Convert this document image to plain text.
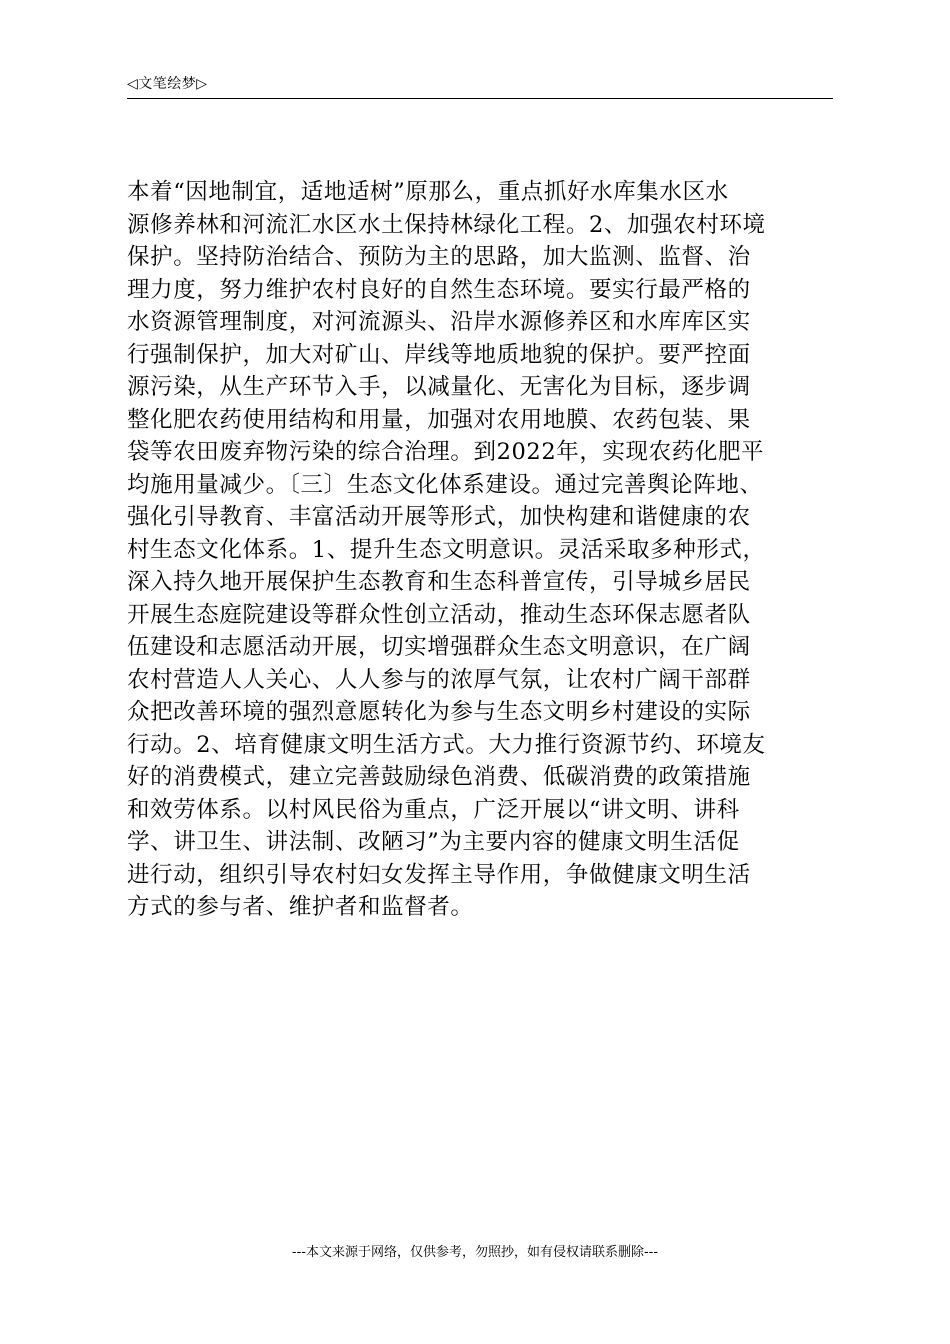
◁文笔绘梦▷
本着“因地制宜，适地适树”原那么，重点抓好水库集水区水
源修养林和河流汇水区水土保持林绿化工程。2、加强农村环境
保护。坚持防治结合、预防为主的思路，加大监测、监督、治
理力度，努力维护农村良好的自然生态环境。要实行最严格的
水资源管理制度，对河流源头、沿岸水源修养区和水库库区实
行强制保护，加大对矿山、岸线等地质地貌的保护。要严控面
源污染，从生产环节入手，以减量化、无害化为目标，逐步调
整化肥农药使用结构和用量，加强对农用地膜、农药包装、果
袋等农田废弃物污染的综合治理。到2022年，实现农药化肥平
均施用量减少。〔三〕生态文化体系建设。通过完善舆论阵地、
强化引导教育、丰富活动开展等形式，加快构建和谐健康的农
村生态文化体系。1、提升生态文明意识。灵活采取多种形式，
深入持久地开展保护生态教育和生态科普宣传，引导城乡居民
开展生态庭院建设等群众性创立活动，推动生态环保志愿者队
伍建设和志愿活动开展，切实增强群众生态文明意识，在广阔
农村营造人人关心、人人参与的浓厚气氛，让农村广阔干部群
众把改善环境的强烈意愿转化为参与生态文明乡村建设的实际
行动。2、培育健康文明生活方式。大力推行资源节约、环境友
好的消费模式，建立完善鼓励绿色消费、低碳消费的政策措施
和效劳体系。以村风民俗为重点，广泛开展以“讲文明、讲科
学、讲卫生、讲法制、改陋习”为主要内容的健康文明生活促
进行动，组织引导农村妇女发挥主导作用，争做健康文明生活
方式的参与者、维护者和监督者。
---本文来源于网络，仅供参考，勿照抄，如有侵权请联系删除---
